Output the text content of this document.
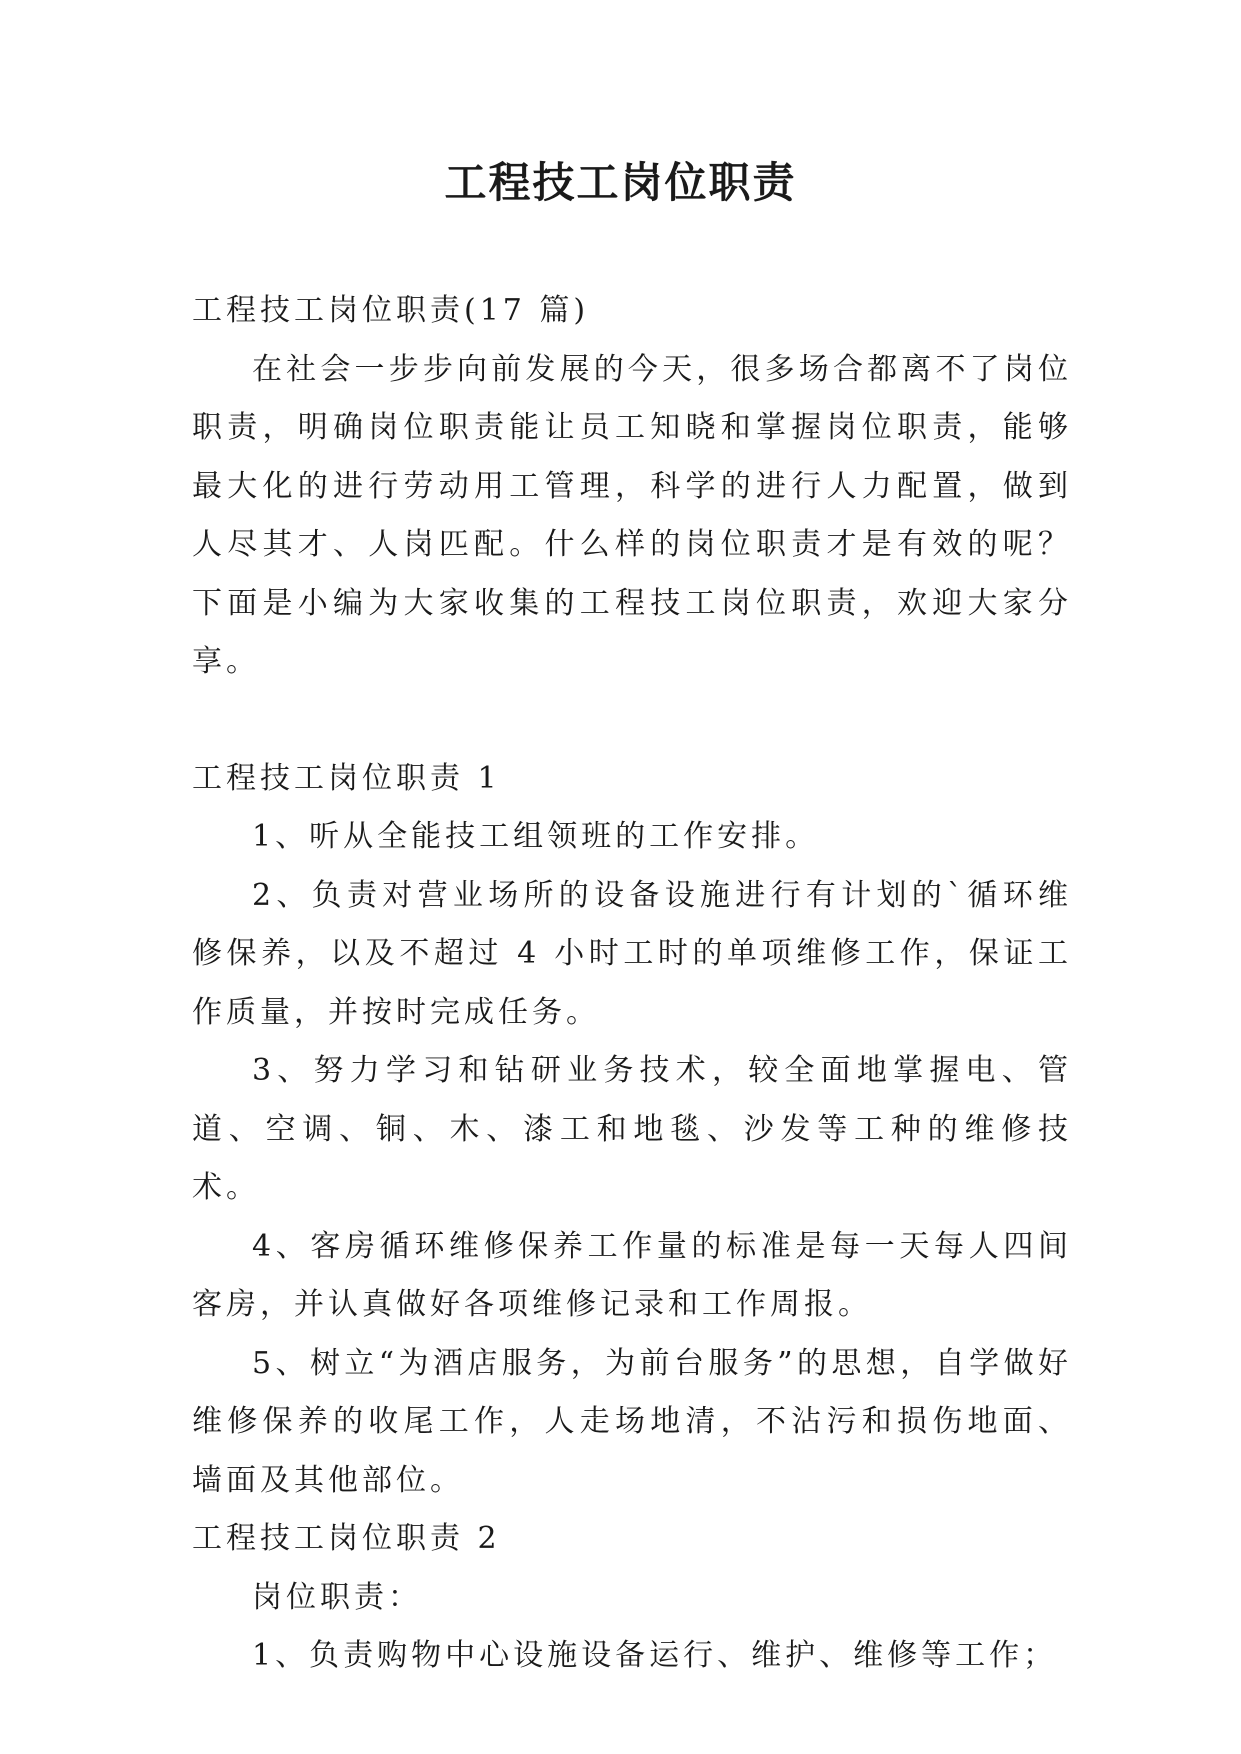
工程技工岗位职责

工程技工岗位职责(17 篇)

在社会一步步向前发展的今天，很多场合都离不了岗位职责，明确岗位职责能让员工知晓和掌握岗位职责，能够最大化的进行劳动用工管理，科学的进行人力配置，做到人尽其才、人岗匹配。什么样的岗位职责才是有效的呢？下面是小编为大家收集的工程技工岗位职责，欢迎大家分享。

工程技工岗位职责 1

1、听从全能技工组领班的工作安排。

2、负责对营业场所的设备设施进行有计划的`循环维修保养，以及不超过 4 小时工时的单项维修工作，保证工作质量，并按时完成任务。

3、努力学习和钻研业务技术，较全面地掌握电、管道、空调、铜、木、漆工和地毯、沙发等工种的维修技术。

4、客房循环维修保养工作量的标准是每一天每人四间客房，并认真做好各项维修记录和工作周报。

5、树立“为酒店服务，为前台服务”的思想，自学做好维修保养的收尾工作，人走场地清，不沾污和损伤地面、墙面及其他部位。

工程技工岗位职责 2

岗位职责：

1、负责购物中心设施设备运行、维护、维修等工作；
